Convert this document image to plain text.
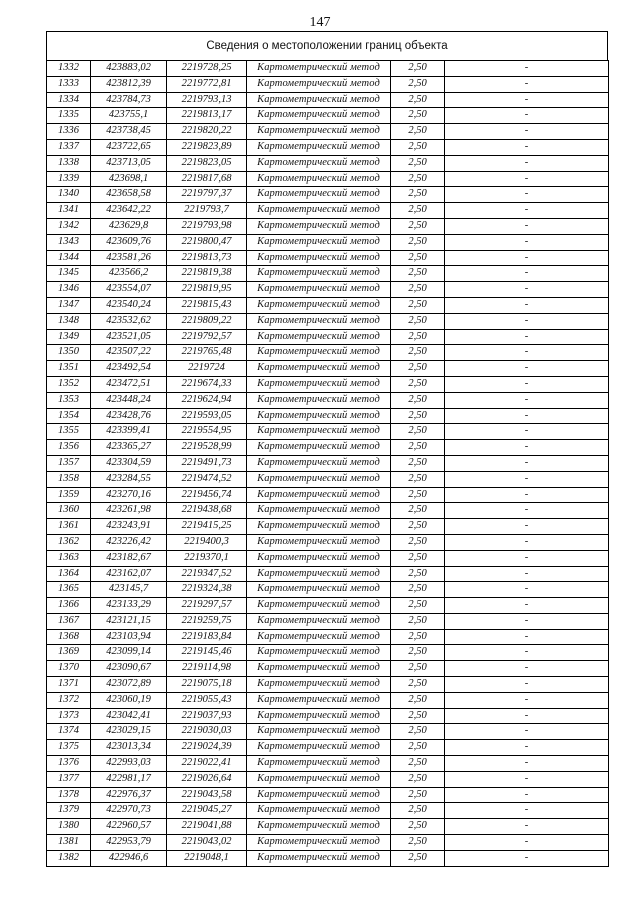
147
Сведения о местоположении границ объекта
1332	423883,02	2219728,25	Картометрический метод	2,50	-
1333	423812,39	2219772,81	Картометрический метод	2,50	-
1334	423784,73	2219793,13	Картометрический метод	2,50	-
1335	423755,1	2219813,17	Картометрический метод	2,50	-
1336	423738,45	2219820,22	Картометрический метод	2,50	-
1337	423722,65	2219823,89	Картометрический метод	2,50	-
1338	423713,05	2219823,05	Картометрический метод	2,50	-
1339	423698,1	2219817,68	Картометрический метод	2,50	-
1340	423658,58	2219797,37	Картометрический метод	2,50	-
1341	423642,22	2219793,7	Картометрический метод	2,50	-
1342	423629,8	2219793,98	Картометрический метод	2,50	-
1343	423609,76	2219800,47	Картометрический метод	2,50	-
1344	423581,26	2219813,73	Картометрический метод	2,50	-
1345	423566,2	2219819,38	Картометрический метод	2,50	-
1346	423554,07	2219819,95	Картометрический метод	2,50	-
1347	423540,24	2219815,43	Картометрический метод	2,50	-
1348	423532,62	2219809,22	Картометрический метод	2,50	-
1349	423521,05	2219792,57	Картометрический метод	2,50	-
1350	423507,22	2219765,48	Картометрический метод	2,50	-
1351	423492,54	2219724	Картометрический метод	2,50	-
1352	423472,51	2219674,33	Картометрический метод	2,50	-
1353	423448,24	2219624,94	Картометрический метод	2,50	-
1354	423428,76	2219593,05	Картометрический метод	2,50	-
1355	423399,41	2219554,95	Картометрический метод	2,50	-
1356	423365,27	2219528,99	Картометрический метод	2,50	-
1357	423304,59	2219491,73	Картометрический метод	2,50	-
1358	423284,55	2219474,52	Картометрический метод	2,50	-
1359	423270,16	2219456,74	Картометрический метод	2,50	-
1360	423261,98	2219438,68	Картометрический метод	2,50	-
1361	423243,91	2219415,25	Картометрический метод	2,50	-
1362	423226,42	2219400,3	Картометрический метод	2,50	-
1363	423182,67	2219370,1	Картометрический метод	2,50	-
1364	423162,07	2219347,52	Картометрический метод	2,50	-
1365	423145,7	2219324,38	Картометрический метод	2,50	-
1366	423133,29	2219297,57	Картометрический метод	2,50	-
1367	423121,15	2219259,75	Картометрический метод	2,50	-
1368	423103,94	2219183,84	Картометрический метод	2,50	-
1369	423099,14	2219145,46	Картометрический метод	2,50	-
1370	423090,67	2219114,98	Картометрический метод	2,50	-
1371	423072,89	2219075,18	Картометрический метод	2,50	-
1372	423060,19	2219055,43	Картометрический метод	2,50	-
1373	423042,41	2219037,93	Картометрический метод	2,50	-
1374	423029,15	2219030,03	Картометрический метод	2,50	-
1375	423013,34	2219024,39	Картометрический метод	2,50	-
1376	422993,03	2219022,41	Картометрический метод	2,50	-
1377	422981,17	2219026,64	Картометрический метод	2,50	-
1378	422976,37	2219043,58	Картометрический метод	2,50	-
1379	422970,73	2219045,27	Картометрический метод	2,50	-
1380	422960,57	2219041,88	Картометрический метод	2,50	-
1381	422953,79	2219043,02	Картометрический метод	2,50	-
1382	422946,6	2219048,1	Картометрический метод	2,50	-
